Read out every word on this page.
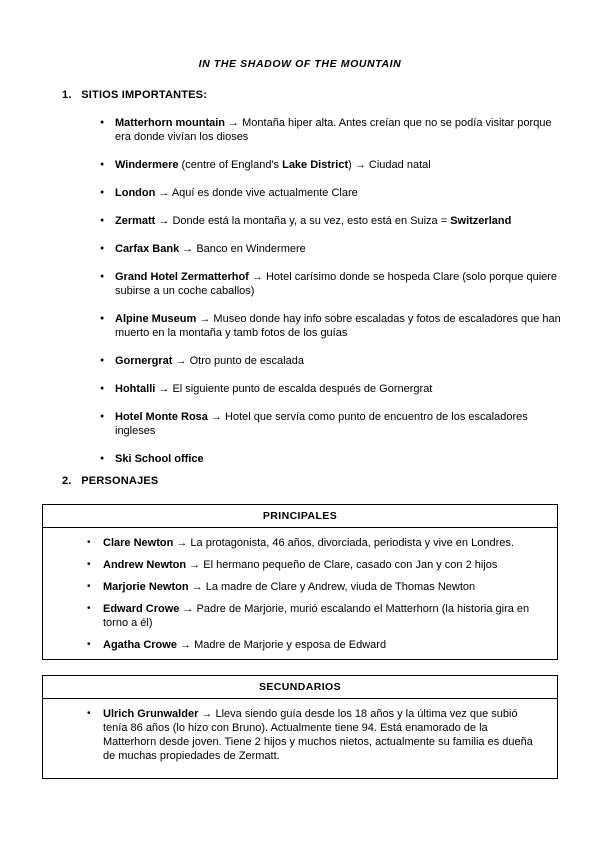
IN THE SHADOW OF THE MOUNTAIN
1. SITIOS IMPORTANTES:
● Matterhorn mountain → Montaña hiper alta. Antes creían que no se podía visitar porque era donde vivían los dioses
● Windermere (centre of England's Lake District) → Ciudad natal
● London → Aquí es donde vive actualmente Clare
● Zermatt → Donde está la montaña y, a su vez, esto está en Suiza = Switzerland
● Carfax Bank → Banco en Windermere
● Grand Hotel Zermatterhof → Hotel carísimo donde se hospeda Clare (solo porque quiere subirse a un coche caballos)
● Alpine Museum → Museo donde hay info sobre escaladas y fotos de escaladores que han muerto en la montaña y tamb fotos de los guías
● Gornergrat → Otro punto de escalada
● Hohtalli → El siguiente punto de escalda después de Gornergrat
● Hotel Monte Rosa → Hotel que servía como punto de encuentro de los escaladores ingleses
● Ski School office
2. PERSONAJES
PRINCIPALES
• Clare Newton → La protagonista, 46 años, divorciada, periodista y vive en Londres.
• Andrew Newton → El hermano pequeño de Clare, casado con Jan y con 2 hijos
• Marjorie Newton → La madre de Clare y Andrew, viuda de Thomas Newton
• Edward Crowe → Padre de Marjorie, murió escalando el Matterhorn (la historia gira en torno a él)
• Agatha Crowe → Madre de Marjorie y esposa de Edward
SECUNDARIOS
• Ulrich Grunwalder → Lleva siendo guía desde los 18 años y la última vez que subió tenía 86 años (lo hizo con Bruno). Actualmente tiene 94. Está enamorado de la Matterhorn desde joven. Tiene 2 hijos y muchos nietos, actualmente su familia es dueña de muchas propiedades de Zermatt.
